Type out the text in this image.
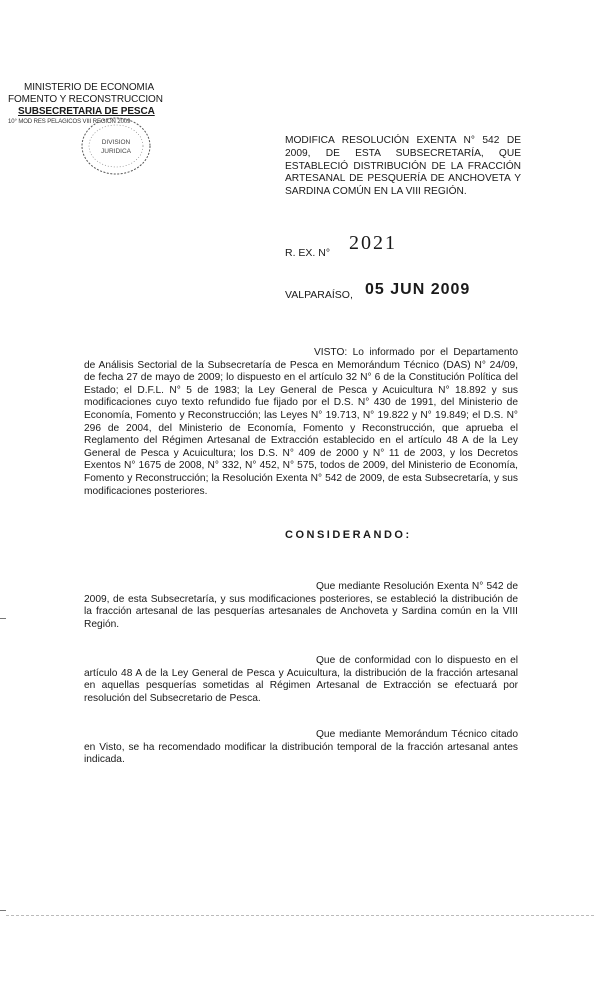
MINISTERIO DE ECONOMIA
FOMENTO Y RECONSTRUCCION
SUBSECRETARIA DE PESCA
10° MOD RES PELAGICOS VIII REGION 2009
DIVISION
JURIDICA
MODIFICA RESOLUCIÓN EXENTA N° 542 DE 2009, DE ESTA SUBSECRETARÍA, QUE ESTABLECIÓ DISTRIBUCIÓN DE LA FRACCIÓN ARTESANAL DE PESQUERÍA DE ANCHOVETA Y SARDINA COMÚN EN LA VIII REGIÓN.
R. EX. N° 2021
VALPARAÍSO, 05 JUN 2009
VISTO: Lo informado por el Departamento de Análisis Sectorial de la Subsecretaría de Pesca en Memorándum Técnico (DAS) N° 24/09, de fecha 27 de mayo de 2009; lo dispuesto en el artículo 32 N° 6 de la Constitución Política del Estado; el D.F.L. N° 5 de 1983; la Ley General de Pesca y Acuicultura N° 18.892 y sus modificaciones cuyo texto refundido fue fijado por el D.S. N° 430 de 1991, del Ministerio de Economía, Fomento y Reconstrucción; las Leyes N° 19.713, N° 19.822 y N° 19.849; el D.S. N° 296 de 2004, del Ministerio de Economía, Fomento y Reconstrucción, que aprueba el Reglamento del Régimen Artesanal de Extracción establecido en el artículo 48 A de la Ley General de Pesca y Acuicultura; los D.S. N° 409 de 2000 y N° 11 de 2003, y los Decretos Exentos N° 1675 de 2008, N° 332, N° 452, N° 575, todos de 2009, del Ministerio de Economía, Fomento y Reconstrucción; la Resolución Exenta N° 542 de 2009, de esta Subsecretaría, y sus modificaciones posteriores.
CONSIDERANDO:
Que mediante Resolución Exenta N° 542 de 2009, de esta Subsecretaría, y sus modificaciones posteriores, se estableció la distribución de la fracción artesanal de las pesquerías artesanales de Anchoveta y Sardina común en la VIII Región.
Que de conformidad con lo dispuesto en el artículo 48 A de la Ley General de Pesca y Acuicultura, la distribución de la fracción artesanal en aquellas pesquerías sometidas al Régimen Artesanal de Extracción se efectuará por resolución del Subsecretario de Pesca.
Que mediante Memorándum Técnico citado en Visto, se ha recomendado modificar la distribución temporal de la fracción artesanal antes indicada.
